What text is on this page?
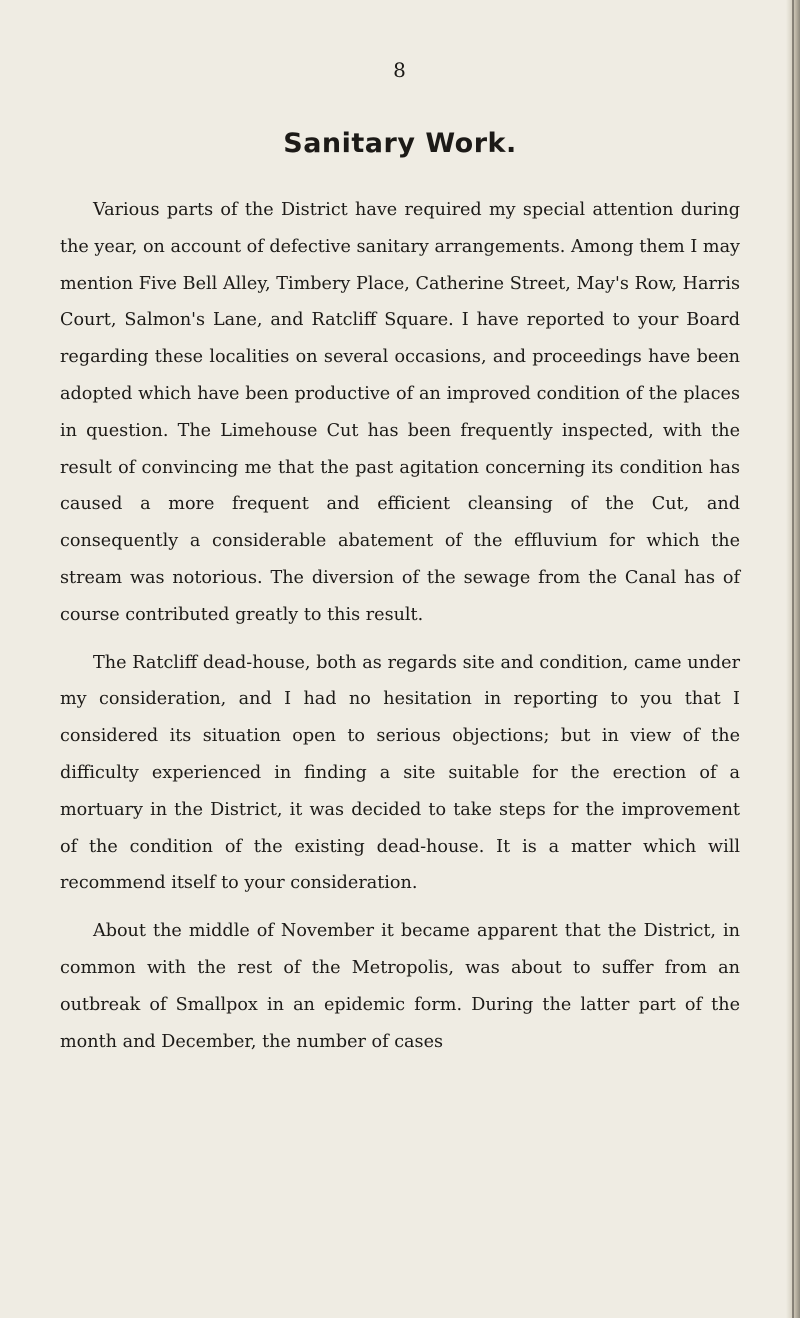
8
Sanitary Work.

Various parts of the District have required my special attention during the year, on account of defective sanitary arrangements. Among them I may mention Five Bell Alley, Timbery Place, Catherine Street, May's Row, Harris Court, Salmon's Lane, and Ratcliff Square. I have reported to your Board regarding these localities on several occasions, and proceedings have been adopted which have been productive of an improved condition of the places in question. The Limehouse Cut has been frequently inspected, with the result of convincing me that the past agitation concerning its condition has caused a more frequent and efficient cleansing of the Cut, and consequently a considerable abatement of the effluvium for which the stream was notorious. The diversion of the sewage from the Canal has of course contributed greatly to this result.

The Ratcliff dead-house, both as regards site and condition, came under my consideration, and I had no hesitation in reporting to you that I considered its situation open to serious objections; but in view of the difficulty experienced in finding a site suitable for the erection of a mortuary in the District, it was decided to take steps for the improvement of the condition of the existing dead-house. It is a matter which will recommend itself to your consideration.

About the middle of November it became apparent that the District, in common with the rest of the Metropolis, was about to suffer from an outbreak of Smallpox in an epidemic form. During the latter part of the month and December, the number of cases
